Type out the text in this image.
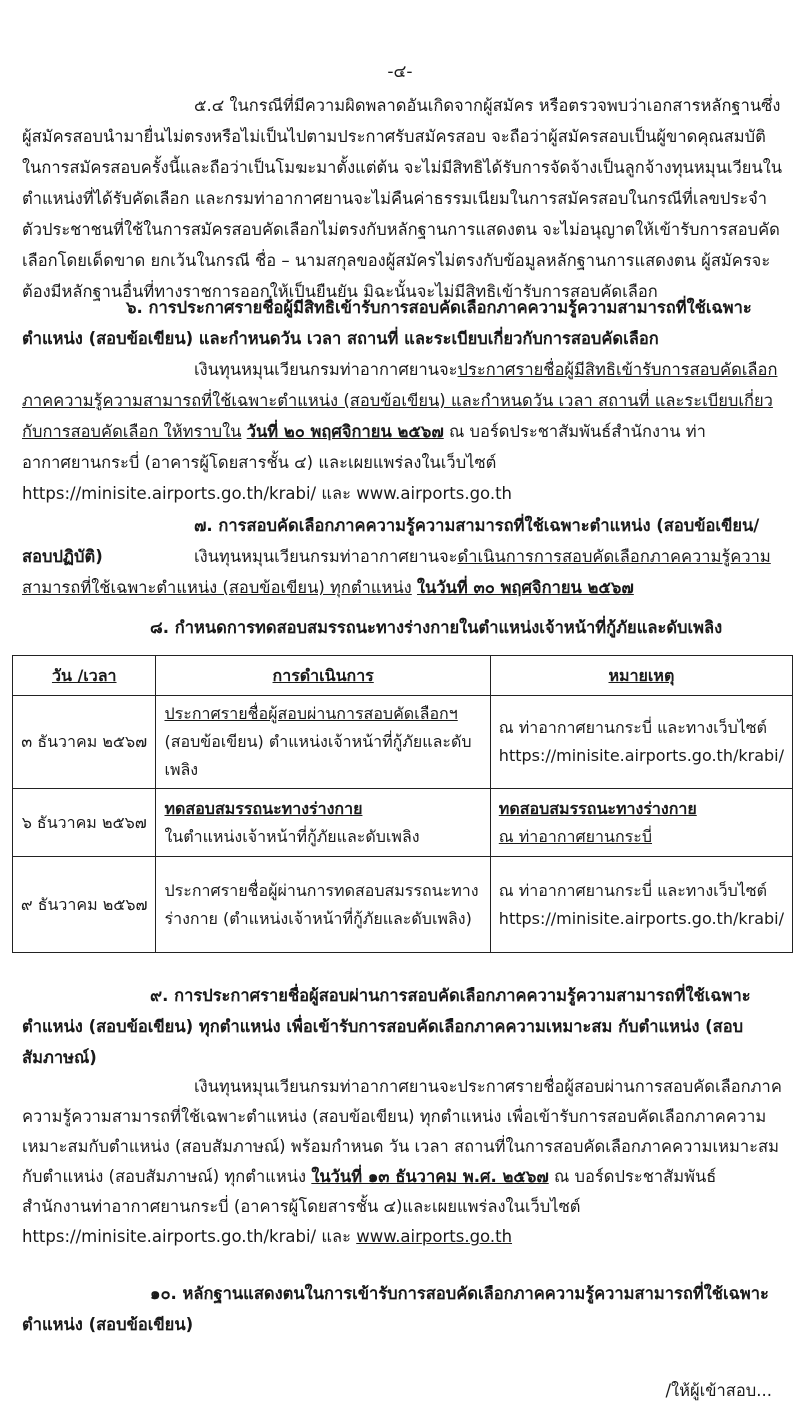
-๔-

๕.๔ ในกรณีที่มีความผิดพลาดอันเกิดจากผู้สมัคร หรือตรวจพบว่าเอกสารหลักฐานซึ่งผู้สมัครสอบนำมายื่นไม่ตรงหรือไม่เป็นไปตามประกาศรับสมัครสอบ จะถือว่าผู้สมัครสอบเป็นผู้ขาดคุณสมบัติในการสมัครสอบครั้งนี้และถือว่าเป็นโมฆะมาตั้งแต่ต้น จะไม่มีสิทธิได้รับการจัดจ้างเป็นลูกจ้างทุนหมุนเวียนในตำแหน่งที่ได้รับคัดเลือก และกรมท่าอากาศยานจะไม่คืนค่าธรรมเนียมในการสมัครสอบในกรณีที่เลขประจำตัวประชาชนที่ใช้ในการสมัครสอบคัดเลือกไม่ตรงกับหลักฐานการแสดงตน จะไม่อนุญาตให้เข้ารับการสอบคัดเลือกโดยเด็ดขาด ยกเว้นในกรณี ชื่อ – นามสกุลของผู้สมัครไม่ตรงกับข้อมูลหลักฐานการแสดงตน ผู้สมัครจะต้องมีหลักฐานอื่นที่ทางราชการออกให้เป็นยืนยัน มิฉะนั้นจะไม่มีสิทธิเข้ารับการสอบคัดเลือก

๖. การประกาศรายชื่อผู้มีสิทธิเข้ารับการสอบคัดเลือกภาคความรู้ความสามารถที่ใช้เฉพาะตำแหน่ง (สอบข้อเขียน) และกำหนดวัน เวลา สถานที่ และระเบียบเกี่ยวกับการสอบคัดเลือก

เงินทุนหมุนเวียนกรมท่าอากาศยานจะประกาศรายชื่อผู้มีสิทธิเข้ารับการสอบคัดเลือกภาคความรู้ความสามารถที่ใช้เฉพาะตำแหน่ง (สอบข้อเขียน) และกำหนดวัน เวลา สถานที่ และระเบียบเกี่ยวกับการสอบคัดเลือก ให้ทราบใน วันที่ ๒๐ พฤศจิกายน ๒๕๖๗ ณ บอร์ดประชาสัมพันธ์สำนักงาน ท่าอากาศยานกระบี่ (อาคารผู้โดยสารชั้น ๔) และเผยแพร่ลงในเว็บไซต์ https://minisite.airports.go.th/krabi/ และ www.airports.go.th

๗. การสอบคัดเลือกภาคความรู้ความสามารถที่ใช้เฉพาะตำแหน่ง (สอบข้อเขียน/สอบปฏิบัติ)	เงินทุนหมุนเวียนกรมท่าอากาศยานจะดำเนินการการสอบคัดเลือกภาคความรู้ความสามารถที่ใช้เฉพาะตำแหน่ง (สอบข้อเขียน) ทุกตำแหน่ง ในวันที่ ๓๐ พฤศจิกายน ๒๕๖๗

๘. กำหนดการทดสอบสมรรถนะทางร่างกายในตำแหน่งเจ้าหน้าที่กู้ภัยและดับเพลิง

วัน /เวลา	การดำเนินการ	หมายเหตุ
๓ ธันวาคม ๒๕๖๗	ประกาศรายชื่อผู้สอบผ่านการสอบคัดเลือกฯ
(สอบข้อเขียน) ตำแหน่งเจ้าหน้าที่กู้ภัยและดับเพลิง	ณ ท่าอากาศยานกระบี่ และทางเว็บไซต์
https://minisite.airports.go.th/krabi/
๖ ธันวาคม ๒๕๖๗	ทดสอบสมรรถนะทางร่างกาย
ในตำแหน่งเจ้าหน้าที่กู้ภัยและดับเพลิง	ทดสอบสมรรถนะทางร่างกาย
ณ ท่าอากาศยานกระบี่
๙ ธันวาคม ๒๕๖๗	ประกาศรายชื่อผู้ผ่านการทดสอบสมรรถนะทางร่างกาย (ตำแหน่งเจ้าหน้าที่กู้ภัยและดับเพลิง)	ณ ท่าอากาศยานกระบี่ และทางเว็บไซต์
https://minisite.airports.go.th/krabi/

๙. การประกาศรายชื่อผู้สอบผ่านการสอบคัดเลือกภาคความรู้ความสามารถที่ใช้เฉพาะตำแหน่ง (สอบข้อเขียน) ทุกตำแหน่ง เพื่อเข้ารับการสอบคัดเลือกภาคความเหมาะสม กับตำแหน่ง (สอบสัมภาษณ์)

เงินทุนหมุนเวียนกรมท่าอากาศยานจะประกาศรายชื่อผู้สอบผ่านการสอบคัดเลือกภาคความรู้ความสามารถที่ใช้เฉพาะตำแหน่ง (สอบข้อเขียน) ทุกตำแหน่ง เพื่อเข้ารับการสอบคัดเลือกภาคความเหมาะสมกับตำแหน่ง (สอบสัมภาษณ์) พร้อมกำหนด วัน เวลา สถานที่ในการสอบคัดเลือกภาคความเหมาะสมกับตำแหน่ง (สอบสัมภาษณ์) ทุกตำแหน่ง ในวันที่ ๑๓ ธันวาคม พ.ศ. ๒๕๖๗ ณ บอร์ดประชาสัมพันธ์สำนักงานท่าอากาศยานกระบี่ (อาคารผู้โดยสารชั้น ๔)และเผยแพร่ลงในเว็บไซต์ https://minisite.airports.go.th/krabi/ และ www.airports.go.th

๑๐. หลักฐานแสดงตนในการเข้ารับการสอบคัดเลือกภาคความรู้ความสามารถที่ใช้เฉพาะตำแหน่ง (สอบข้อเขียน)

/ให้ผู้เข้าสอบ...
